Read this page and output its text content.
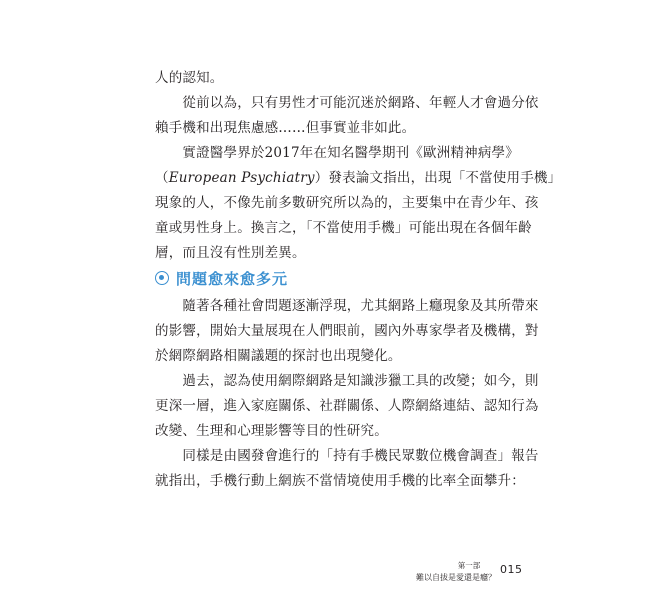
人的認知。
　　從前以為，只有男性才可能沉迷於網路、年輕人才會過分依
賴手機和出現焦慮感……但事實並非如此。
　　實證醫學界於2017年在知名醫學期刊《歐洲精神病學》
（European Psychiatry）發表論文指出，出現「不當使用手機」
現象的人，不像先前多數研究所以為的，主要集中在青少年、孩
童或男性身上。換言之，「不當使用手機」可能出現在各個年齡
層，而且沒有性別差異。
問題愈來愈多元
　　隨著各種社會問題逐漸浮現，尤其網路上癮現象及其所帶來
的影響，開始大量展現在人們眼前，國內外專家學者及機構，對
於網際網路相關議題的探討也出現變化。
　　過去，認為使用網際網路是知識涉獵工具的改變；如今，則
更深一層，進入家庭關係、社群關係、人際網絡連結、認知行為
改變、生理和心理影響等目的性研究。
　　同樣是由國發會進行的「持有手機民眾數位機會調查」報告
就指出，手機行動上網族不當情境使用手機的比率全面攀升：
第一部
難以自拔是愛還是癮？
015
